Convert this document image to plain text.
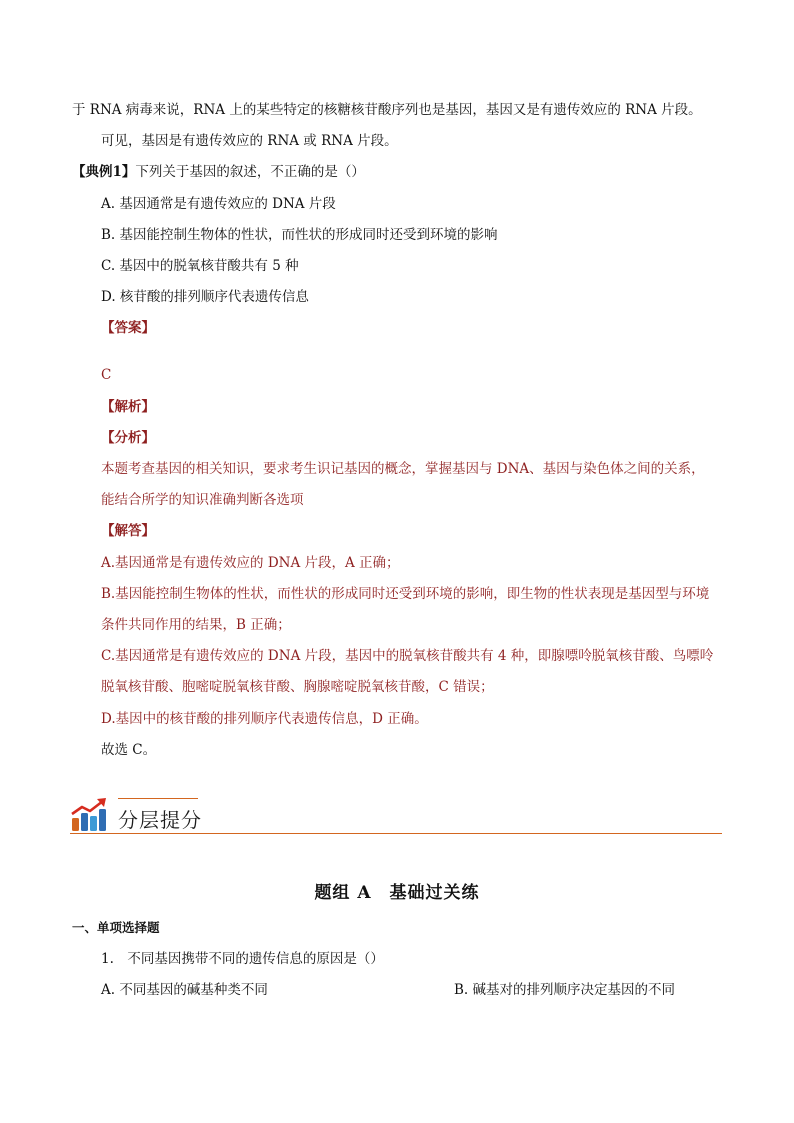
于 RNA 病毒来说，RNA 上的某些特定的核糖核苷酸序列也是基因，基因又是有遗传效应的 RNA 片段。
可见，基因是有遗传效应的 RNA 或 RNA 片段。
【典例1】下列关于基因的叙述，不正确的是（）
A. 基因通常是有遗传效应的 DNA 片段
B. 基因能控制生物体的性状，而性状的形成同时还受到环境的影响
C. 基因中的脱氧核苷酸共有 5 种
D. 核苷酸的排列顺序代表遗传信息
【答案】
C
【解析】
【分析】
本题考查基因的相关知识，要求考生识记基因的概念，掌握基因与 DNA、基因与染色体之间的关系，
能结合所学的知识准确判断各选项
【解答】
A.基因通常是有遗传效应的 DNA 片段，A 正确；
B.基因能控制生物体的性状，而性状的形成同时还受到环境的影响，即生物的性状表现是基因型与环境
条件共同作用的结果，B 正确；
C.基因通常是有遗传效应的 DNA 片段，基因中的脱氧核苷酸共有 4 种，即腺嘌呤脱氧核苷酸、鸟嘌呤
脱氧核苷酸、胞嘧啶脱氧核苷酸、胸腺嘧啶脱氧核苷酸，C 错误；
D.基因中的核苷酸的排列顺序代表遗传信息，D 正确。
故选 C。
分层提分
题组 A　基础过关练
一、单项选择题
1.　不同基因携带不同的遗传信息的原因是（）
A. 不同基因的碱基种类不同	B. 碱基对的排列顺序决定基因的不同
